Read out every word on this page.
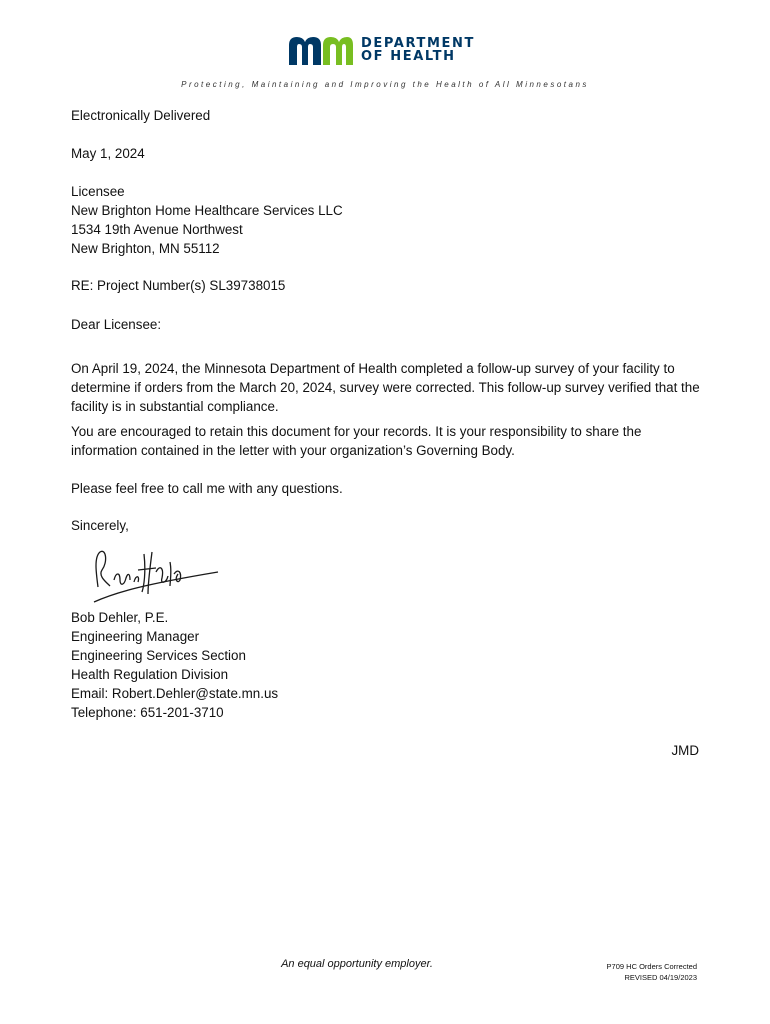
DEPARTMENT
OF HEALTH
Protecting, Maintaining and Improving the Health of All Minnesotans
Electronically Delivered
May 1, 2024
Licensee
New Brighton Home Healthcare Services LLC
1534 19th Avenue Northwest
New Brighton, MN 55112
RE: Project Number(s) SL39738015
Dear Licensee:
On April 19, 2024, the Minnesota Department of Health completed a follow-up survey of your facility to determine if orders from the March 20, 2024, survey were corrected. This follow-up survey verified that the facility is in substantial compliance.
You are encouraged to retain this document for your records. It is your responsibility to share the information contained in the letter with your organization’s Governing Body.
Please feel free to call me with any questions.
Sincerely,
Bob Dehler, P.E.
Engineering Manager
Engineering Services Section
Health Regulation Division
Email: Robert.Dehler@state.mn.us
Telephone: 651-201-3710
JMD
An equal opportunity employer.	P709 HC Orders Corrected
REVISED 04/19/2023
